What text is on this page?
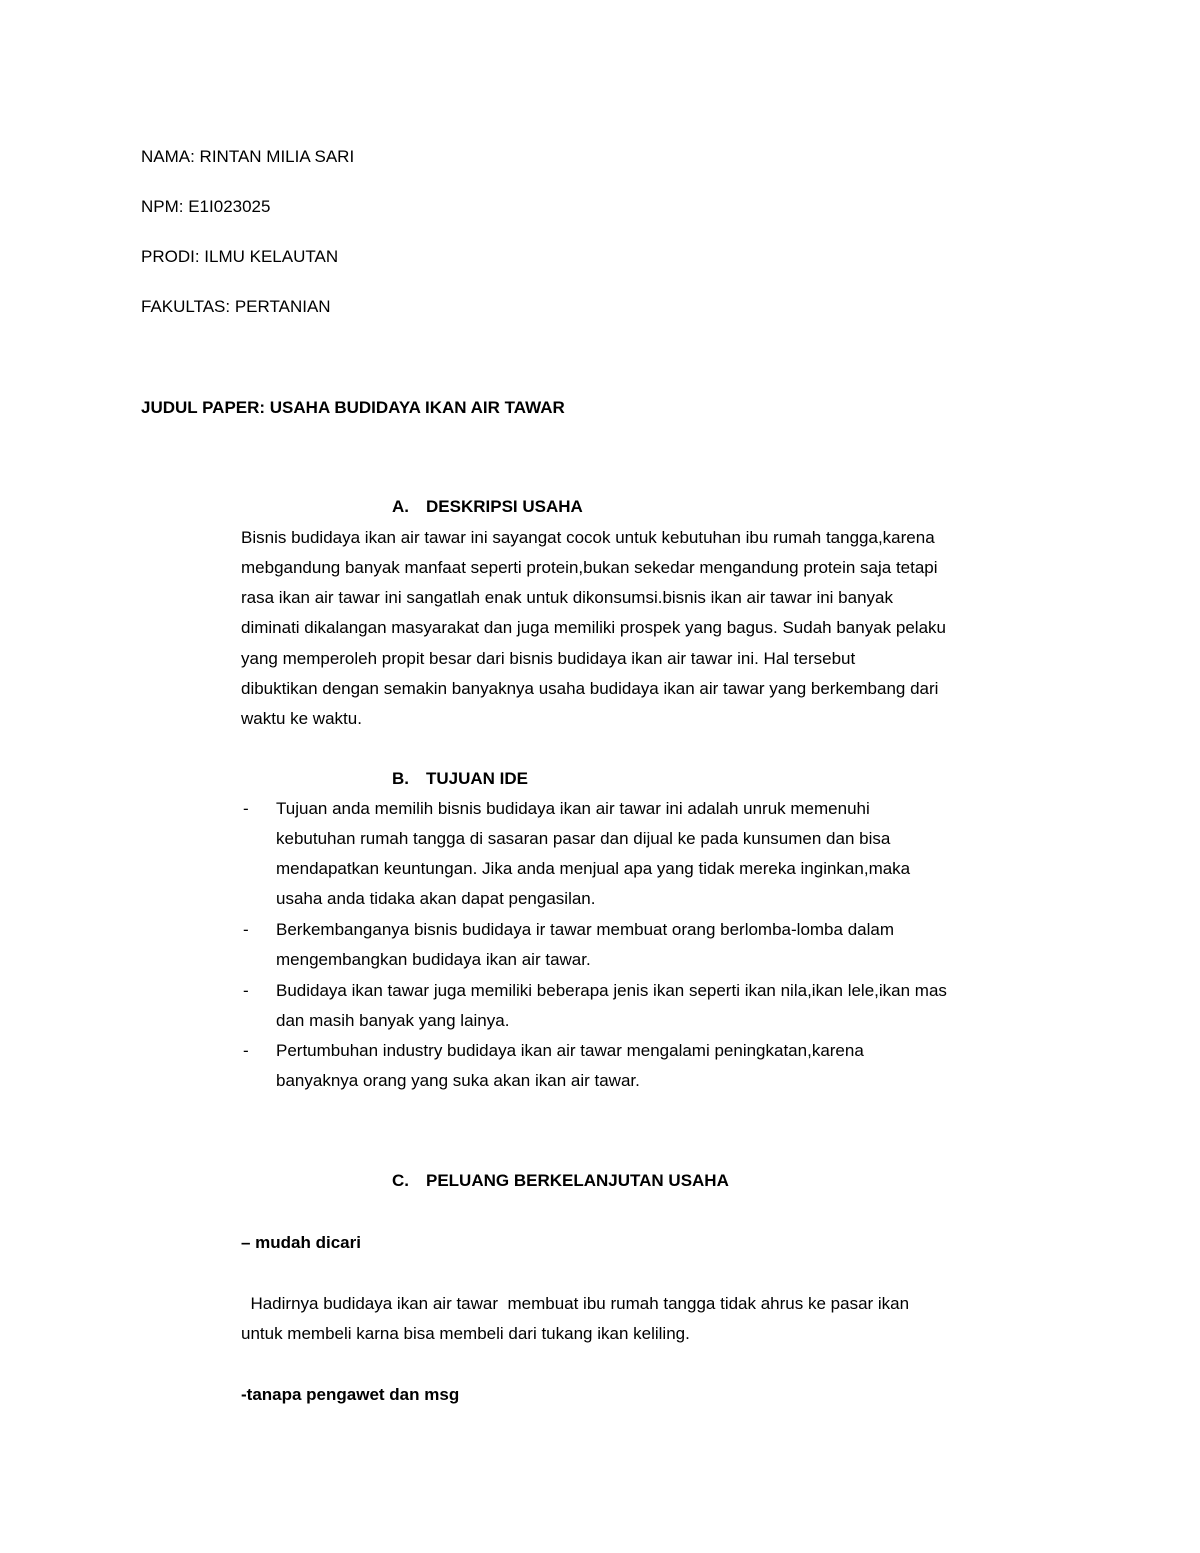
NAMA: RINTAN MILIA SARI
NPM: E1I023025
PRODI: ILMU KELAUTAN
FAKULTAS: PERTANIAN
JUDUL PAPER: USAHA BUDIDAYA IKAN AIR TAWAR
A. DESKRIPSI USAHA
Bisnis budidaya ikan air tawar ini sayangat cocok untuk kebutuhan ibu rumah tangga,karena
mebgandung banyak manfaat seperti protein,bukan sekedar mengandung protein saja tetapi
rasa ikan air tawar ini sangatlah enak untuk dikonsumsi.bisnis ikan air tawar ini banyak
diminati dikalangan masyarakat dan juga memiliki prospek yang bagus. Sudah banyak pelaku
yang memperoleh propit besar dari bisnis budidaya ikan air tawar ini. Hal tersebut
dibuktikan dengan semakin banyaknya usaha budidaya ikan air tawar yang berkembang dari
waktu ke waktu.
B. TUJUAN IDE
- Tujuan anda memilih bisnis budidaya ikan air tawar ini adalah unruk memenuhi
kebutuhan rumah tangga di sasaran pasar dan dijual ke pada kunsumen dan bisa
mendapatkan keuntungan. Jika anda menjual apa yang tidak mereka inginkan,maka
usaha anda tidaka akan dapat pengasilan.
- Berkembanganya bisnis budidaya ir tawar membuat orang berlomba-lomba dalam
mengembangkan budidaya ikan air tawar.
- Budidaya ikan tawar juga memiliki beberapa jenis ikan seperti ikan nila,ikan lele,ikan mas
dan masih banyak yang lainya.
- Pertumbuhan industry budidaya ikan air tawar mengalami peningkatan,karena
banyaknya orang yang suka akan ikan air tawar.
C. PELUANG BERKELANJUTAN USAHA
– mudah dicari
Hadirnya budidaya ikan air tawar  membuat ibu rumah tangga tidak ahrus ke pasar ikan
untuk membeli karna bisa membeli dari tukang ikan keliling.
-tanapa pengawet dan msg
